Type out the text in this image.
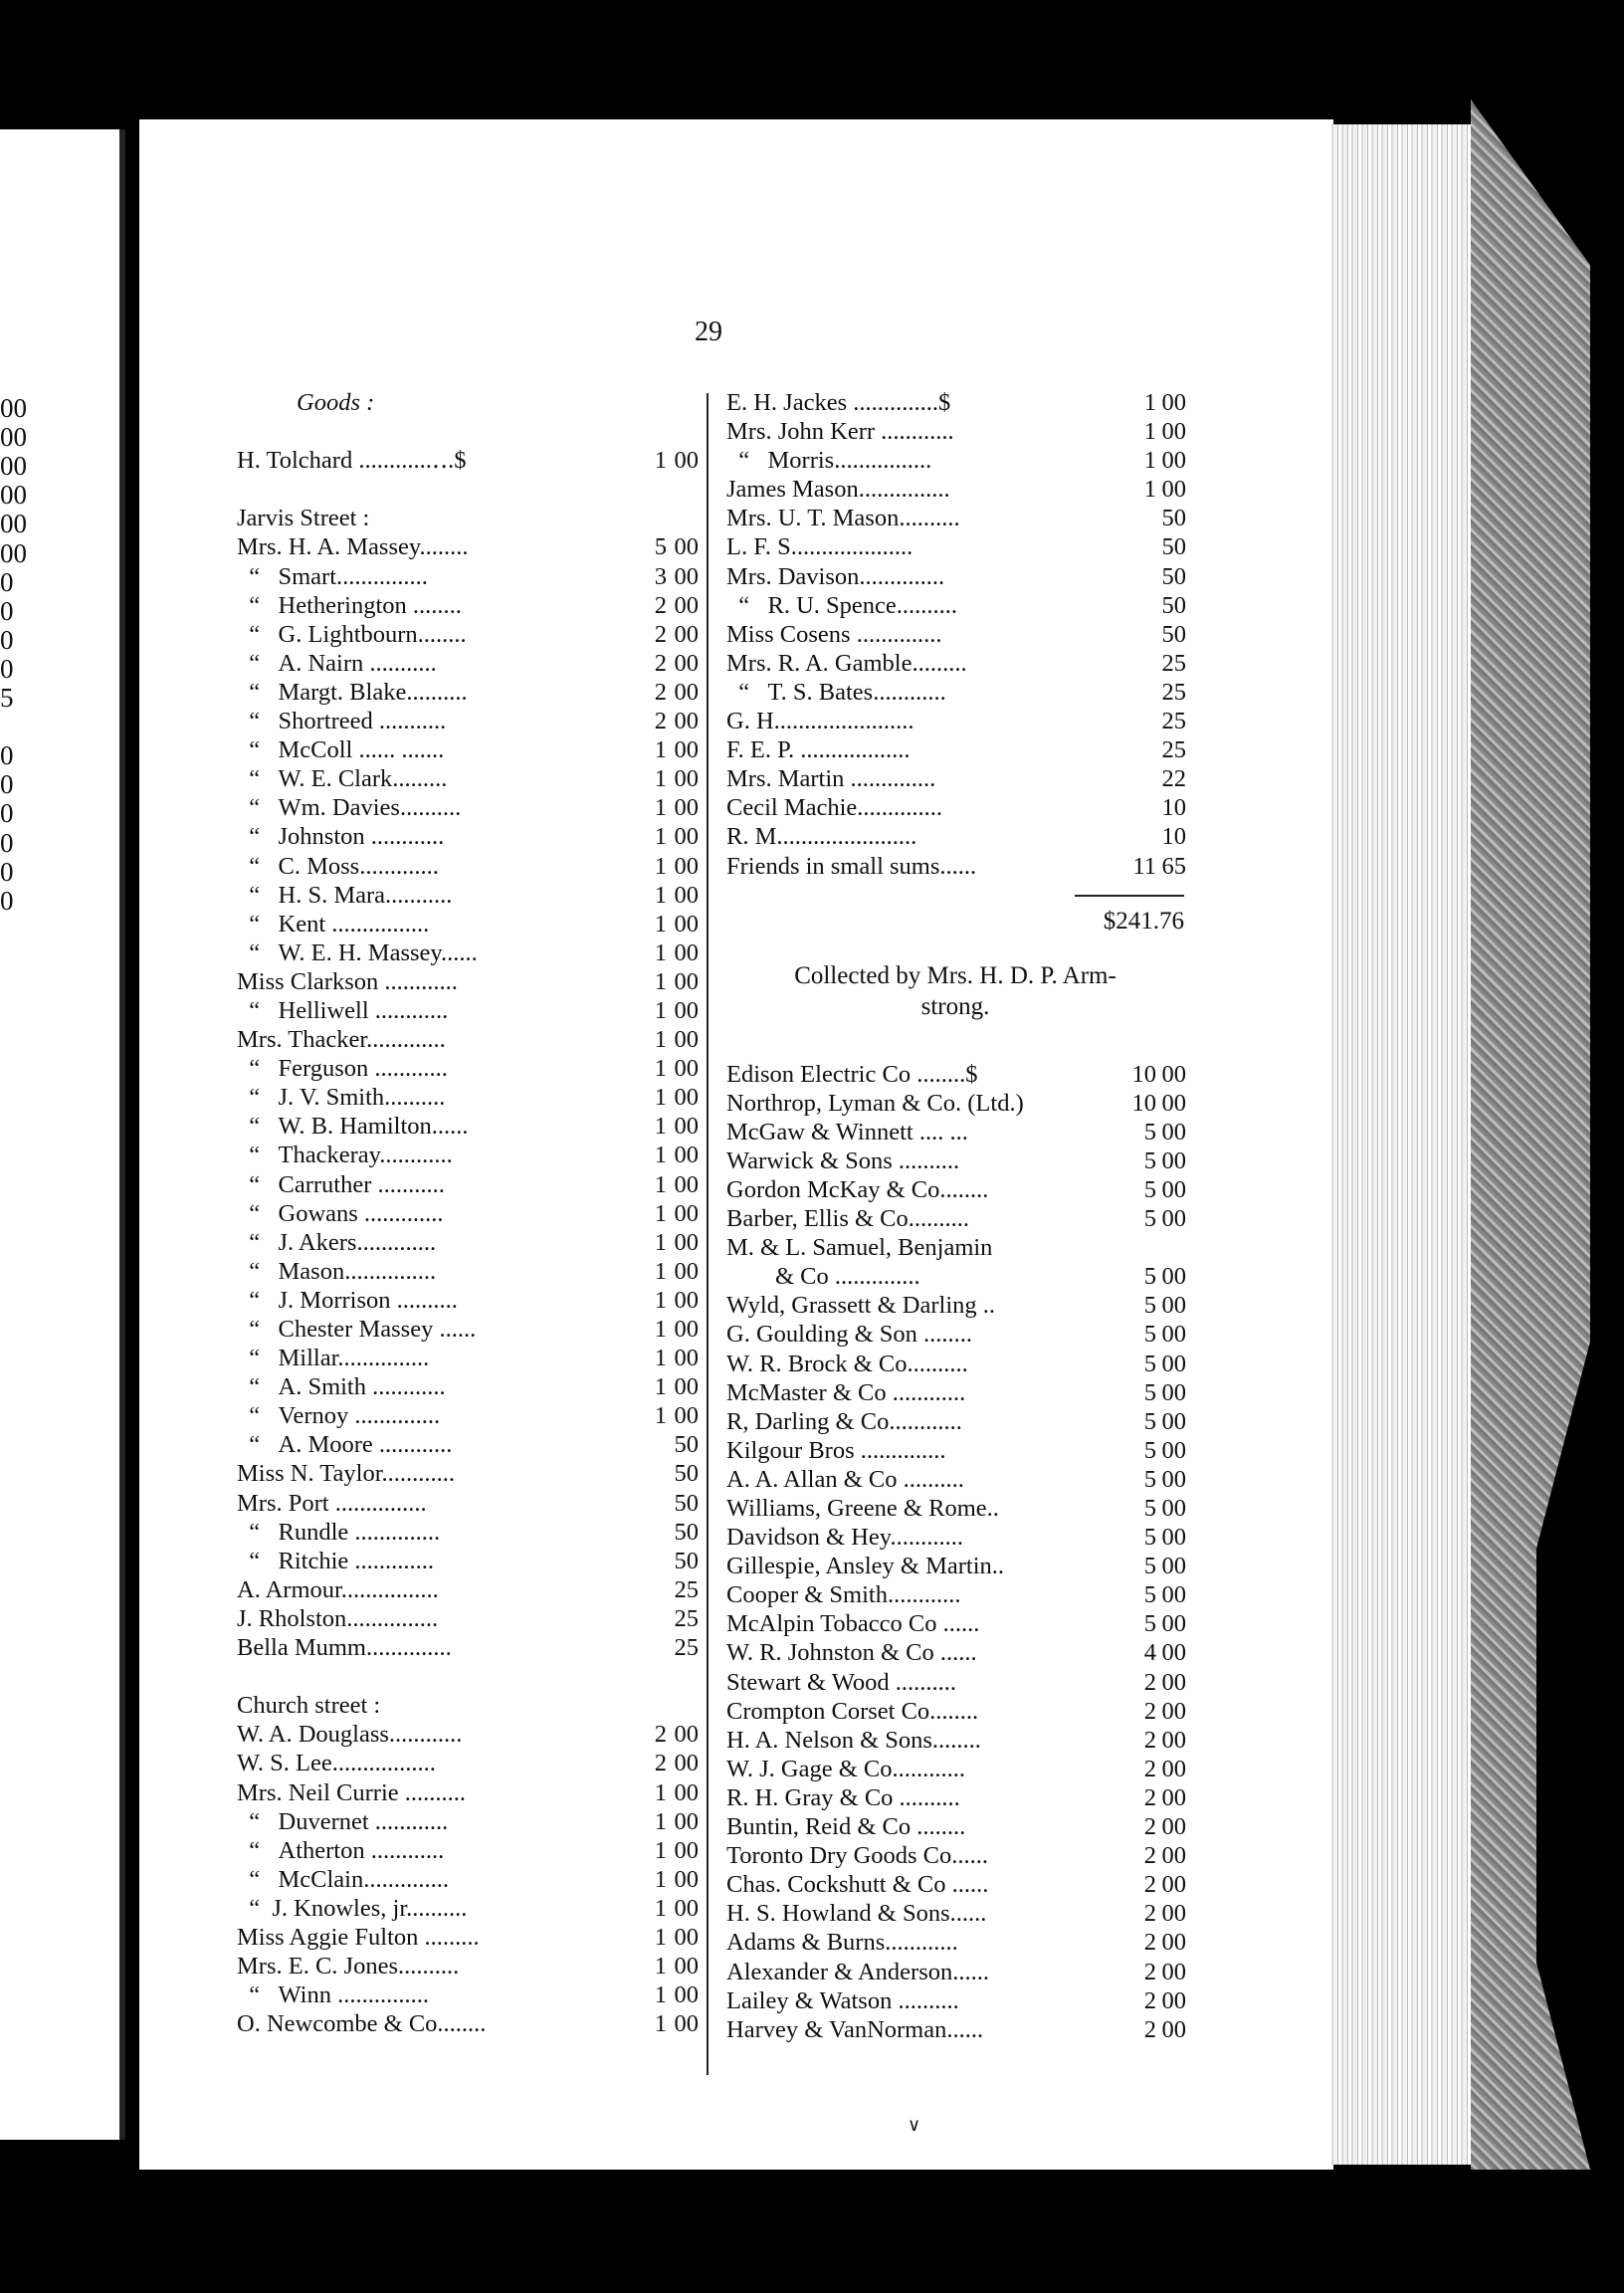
00
00
00
00
00
00
0
0
0
0
5
0
0
0
0
0
0
29
Goods :
H. Tolchard ............‥.$	1 00
Jarvis Street :
Mrs. H. A. Massey........	5 00
“   Smart...............	3 00
“   Hetherington ........	2 00
“   G. Lightbourn........	2 00
“   A. Nairn ...........	2 00
“   Margt. Blake..........	2 00
“   Shortreed ...........	2 00
“   McColl ...... .......	1 00
“   W. E. Clark.........	1 00
“   Wm. Davies..........	1 00
“   Johnston ............	1 00
“   C. Moss.............	1 00
“   H. S. Mara...........	1 00
“   Kent ................	1 00
“   W. E. H. Massey......	1 00
Miss Clarkson ............	1 00
“   Helliwell ............	1 00
Mrs. Thacker.............	1 00
“   Ferguson ............	1 00
“   J. V. Smith..........	1 00
“   W. B. Hamilton......	1 00
“   Thackeray............	1 00
“   Carruther ...........	1 00
“   Gowans .............	1 00
“   J. Akers.............	1 00
“   Mason...............	1 00
“   J. Morrison ..........	1 00
“   Chester Massey ......	1 00
“   Millar...............	1 00
“   A. Smith ............	1 00
“   Vernoy ..............	1 00
“   A. Moore ............	50
Miss N. Taylor............	50
Mrs. Port ...............	50
“   Rundle ..............	50
“   Ritchie .............	50
A. Armour................	25
J. Rholston...............	25
Bella Mumm..............	25
Church street :
W. A. Douglass............	2 00
W. S. Lee.................	2 00
Mrs. Neil Currie ..........	1 00
“   Duvernet ............	1 00
“   Atherton ............	1 00
“   McClain..............	1 00
“  J. Knowles, jr..........	1 00
Miss Aggie Fulton .........	1 00
Mrs. E. C. Jones..........	1 00
“   Winn ...............	1 00
O. Newcombe & Co........	1 00
E. H. Jackes ..............$	1 00
Mrs. John Kerr ............	1 00
“   Morris................	1 00
James Mason...............	1 00
Mrs. U. T. Mason..........	50
L. F. S....................	50
Mrs. Davison..............	50
“   R. U. Spence..........	50
Miss Cosens ..............	50
Mrs. R. A. Gamble.........	25
“   T. S. Bates............	25
G. H.......................	25
F. E. P. ..................	25
Mrs. Martin ..............	22
Cecil Machie..............	10
R. M.......................	10
Friends in small sums......	11 65
$241.76
Collected by Mrs. H. D. P. Arm-
strong.
Edison Electric Co ........$	10 00
Northrop, Lyman & Co. (Ltd.)	10 00
McGaw & Winnett .... ...	5 00
Warwick & Sons ..........	5 00
Gordon McKay & Co........	5 00
Barber, Ellis & Co..........	5 00
M. & L. Samuel, Benjamin
& Co ..............	5 00
Wyld, Grassett & Darling ..	5 00
G. Goulding & Son ........	5 00
W. R. Brock & Co..........	5 00
McMaster & Co ............	5 00
R, Darling & Co............	5 00
Kilgour Bros ..............	5 00
A. A. Allan & Co ..........	5 00
Williams, Greene & Rome..	5 00
Davidson & Hey............	5 00
Gillespie, Ansley & Martin..	5 00
Cooper & Smith............	5 00
McAlpin Tobacco Co ......	5 00
W. R. Johnston & Co ......	4 00
Stewart & Wood ..........	2 00
Crompton Corset Co........	2 00
H. A. Nelson & Sons........	2 00
W. J. Gage & Co............	2 00
R. H. Gray & Co ..........	2 00
Buntin, Reid & Co ........	2 00
Toronto Dry Goods Co......	2 00
Chas. Cockshutt & Co ......	2 00
H. S. Howland & Sons......	2 00
Adams & Burns............	2 00
Alexander & Anderson......	2 00
Lailey & Watson ..........	2 00
Harvey & VanNorman......	2 00
∨
